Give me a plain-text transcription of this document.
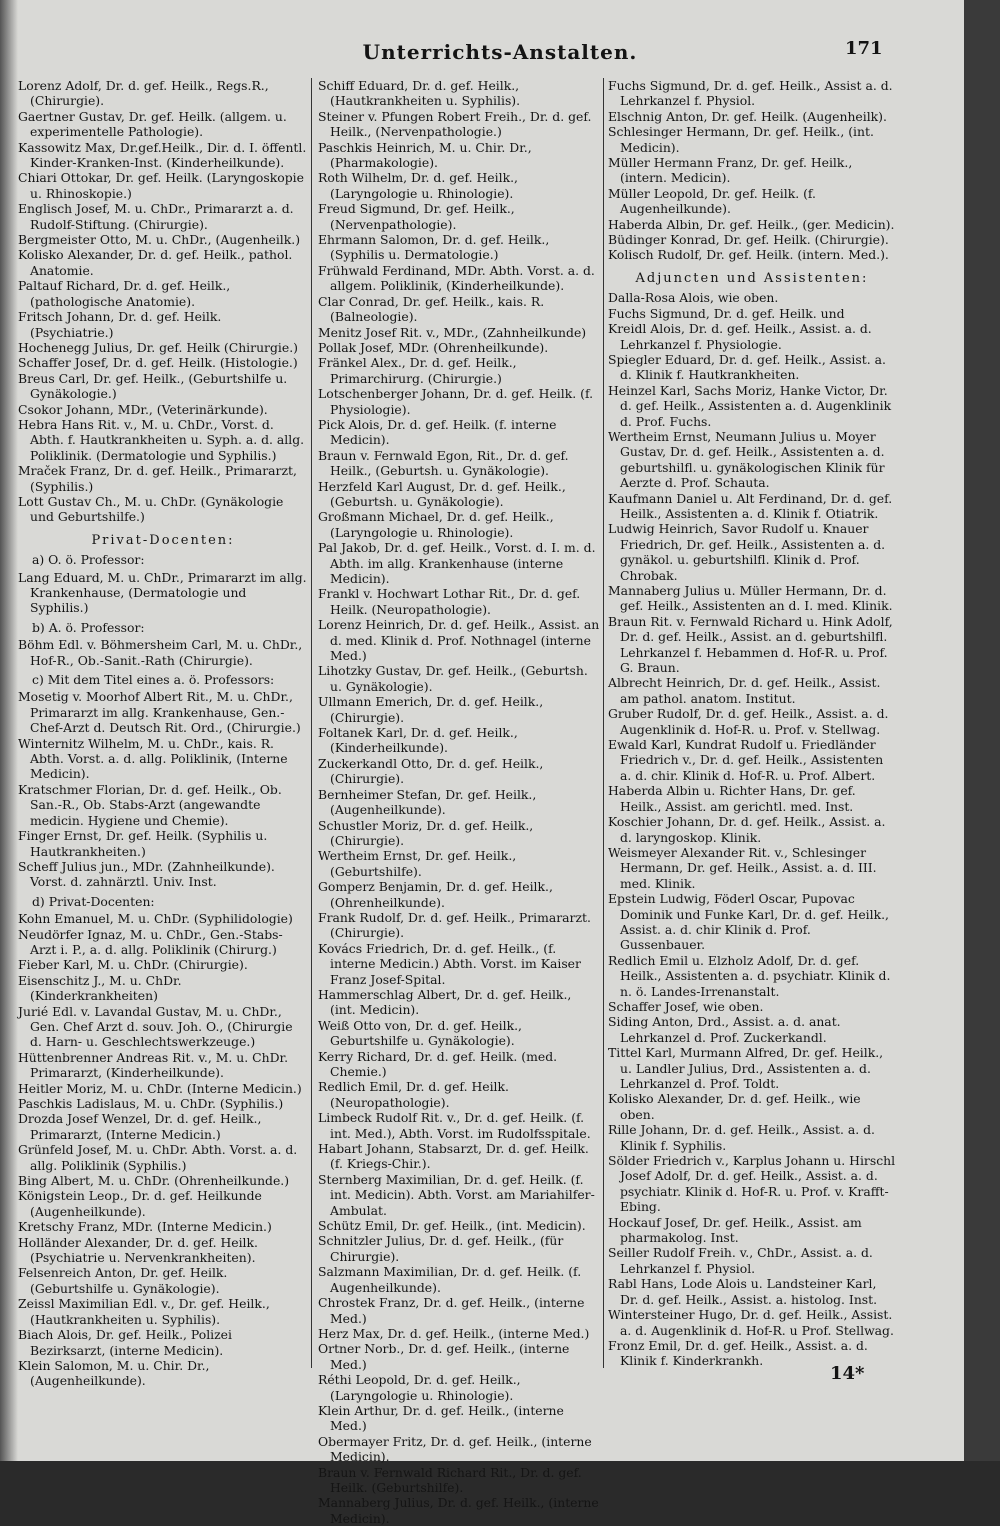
Unterrichts-Anstalten.	171

Lorenz Adolf, Dr. d. gef. Heilk., Regs.R., (Chirurgie).

Gaertner Gustav, Dr. gef. Heilk. (allgem. u. experimentelle Pathologie).

Kassowitz Max, Dr.gef.Heilk., Dir. d. I. öffentl. Kinder-Kranken-Inst. (Kinderheilkunde).

Chiari Ottokar, Dr. gef. Heilk. (Laryngoskopie u. Rhinoskopie.)

Englisch Josef, M. u. ChDr., Primararzt a. d. Rudolf-Stiftung. (Chirurgie).

Bergmeister Otto, M. u. ChDr., (Augenheilk.)

Kolisko Alexander, Dr. d. gef. Heilk., pathol. Anatomie.

Paltauf Richard, Dr. d. gef. Heilk., (pathologische Anatomie).

Fritsch Johann, Dr. d. gef. Heilk. (Psychiatrie.)

Hochenegg Julius, Dr. gef. Heilk (Chirurgie.)

Schaffer Josef, Dr. d. gef. Heilk. (Histologie.)

Breus Carl, Dr. gef. Heilk., (Geburtshilfe u. Gynäkologie.)

Csokor Johann, MDr., (Veterinärkunde).

Hebra Hans Rit. v., M. u. ChDr., Vorst. d. Abth. f. Hautkrankheiten u. Syph. a. d. allg. Poliklinik. (Dermatologie und Syphilis.)

Mraček Franz, Dr. d. gef. Heilk., Primararzt, (Syphilis.)

Lott Gustav Ch., M. u. ChDr. (Gynäkologie und Geburtshilfe.)

Privat-Docenten:

a) O. ö. Professor:

Lang Eduard, M. u. ChDr., Primararzt im allg. Krankenhause, (Dermatologie und Syphilis.)

b) A. ö. Professor:

Böhm Edl. v. Böhmersheim Carl, M. u. ChDr., Hof-R., Ob.-Sanit.-Rath (Chirurgie).

c) Mit dem Titel eines a. ö. Professors:

Mosetig v. Moorhof Albert Rit., M. u. ChDr., Primararzt im allg. Krankenhause, Gen.-Chef-Arzt d. Deutsch Rit. Ord., (Chirurgie.)

Winternitz Wilhelm, M. u. ChDr., kais. R. Abth. Vorst. a. d. allg. Poliklinik, (Interne Medicin).

Kratschmer Florian, Dr. d. gef. Heilk., Ob. San.-R., Ob. Stabs-Arzt (angewandte medicin. Hygiene und Chemie).

Finger Ernst, Dr. gef. Heilk. (Syphilis u. Hautkrankheiten.)

Scheff Julius jun., MDr. (Zahnheilkunde). Vorst. d. zahnärztl. Univ. Inst.

d) Privat-Docenten:

Kohn Emanuel, M. u. ChDr. (Syphilidologie)

Neudörfer Ignaz, M. u. ChDr., Gen.-Stabs-Arzt i. P., a. d. allg. Poliklinik (Chirurg.)

Fieber Karl, M. u. ChDr. (Chirurgie).

Eisenschitz J., M. u. ChDr. (Kinderkrankheiten)

Jurié Edl. v. Lavandal Gustav, M. u. ChDr., Gen. Chef Arzt d. souv. Joh. O., (Chirurgie d. Harn- u. Geschlechtswerkzeuge.)

Hüttenbrenner Andreas Rit. v., M. u. ChDr. Primararzt, (Kinderheilkunde).

Heitler Moriz, M. u. ChDr. (Interne Medicin.)

Paschkis Ladislaus, M. u. ChDr. (Syphilis.)

Drozda Josef Wenzel, Dr. d. gef. Heilk., Primararzt, (Interne Medicin.)

Grünfeld Josef, M. u. ChDr. Abth. Vorst. a. d. allg. Poliklinik (Syphilis.)

Bing Albert, M. u. ChDr. (Ohrenheilkunde.)

Königstein Leop., Dr. d. gef. Heilkunde (Augenheilkunde).

Kretschy Franz, MDr. (Interne Medicin.)

Holländer Alexander, Dr. d. gef. Heilk. (Psychiatrie u. Nervenkrankheiten).

Felsenreich Anton, Dr. gef. Heilk. (Geburtshilfe u. Gynäkologie).

Zeissl Maximilian Edl. v., Dr. gef. Heilk., (Hautkrankheiten u. Syphilis).

Biach Alois, Dr. gef. Heilk., Polizei Bezirksarzt, (interne Medicin).

Klein Salomon, M. u. Chir. Dr., (Augenheilkunde).

Schiff Eduard, Dr. d. gef. Heilk., (Hautkrankheiten u. Syphilis).

Steiner v. Pfungen Robert Freih., Dr. d. gef. Heilk., (Nervenpathologie.)

Paschkis Heinrich, M. u. Chir. Dr., (Pharmakologie).

Roth Wilhelm, Dr. d. gef. Heilk., (Laryngologie u. Rhinologie).

Freud Sigmund, Dr. gef. Heilk., (Nervenpathologie).

Ehrmann Salomon, Dr. d. gef. Heilk., (Syphilis u. Dermatologie.)

Frühwald Ferdinand, MDr. Abth. Vorst. a. d. allgem. Poliklinik, (Kinderheilkunde).

Clar Conrad, Dr. gef. Heilk., kais. R. (Balneologie).

Menitz Josef Rit. v., MDr., (Zahnheilkunde)

Pollak Josef, MDr. (Ohrenheilkunde).

Fränkel Alex., Dr. d. gef. Heilk., Primarchirurg. (Chirurgie.)

Lotschenberger Johann, Dr. d. gef. Heilk. (f. Physiologie).

Pick Alois, Dr. d. gef. Heilk. (f. interne Medicin).

Braun v. Fernwald Egon, Rit., Dr. d. gef. Heilk., (Geburtsh. u. Gynäkologie).

Herzfeld Karl August, Dr. d. gef. Heilk., (Geburtsh. u. Gynäkologie).

Großmann Michael, Dr. d. gef. Heilk., (Laryngologie u. Rhinologie).

Pal Jakob, Dr. d. gef. Heilk., Vorst. d. I. m. d. Abth. im allg. Krankenhause (interne Medicin).

Frankl v. Hochwart Lothar Rit., Dr. d. gef. Heilk. (Neuropathologie).

Lorenz Heinrich, Dr. d. gef. Heilk., Assist. an d. med. Klinik d. Prof. Nothnagel (interne Med.)

Lihotzky Gustav, Dr. gef. Heilk., (Geburtsh. u. Gynäkologie).

Ullmann Emerich, Dr. d. gef. Heilk., (Chirurgie).

Foltanek Karl, Dr. d. gef. Heilk., (Kinderheilkunde).

Zuckerkandl Otto, Dr. d. gef. Heilk., (Chirurgie).

Bernheimer Stefan, Dr. gef. Heilk., (Augenheilkunde).

Schustler Moriz, Dr. d. gef. Heilk., (Chirurgie).

Wertheim Ernst, Dr. gef. Heilk., (Geburtshilfe).

Gomperz Benjamin, Dr. d. gef. Heilk., (Ohrenheilkunde).

Frank Rudolf, Dr. d. gef. Heilk., Primararzt. (Chirurgie).

Kovács Friedrich, Dr. d. gef. Heilk., (f. interne Medicin.) Abth. Vorst. im Kaiser Franz Josef-Spital.

Hammerschlag Albert, Dr. d. gef. Heilk., (int. Medicin).

Weiß Otto von, Dr. d. gef. Heilk., Geburtshilfe u. Gynäkologie).

Kerry Richard, Dr. d. gef. Heilk. (med. Chemie.)

Redlich Emil, Dr. d. gef. Heilk. (Neuropathologie).

Limbeck Rudolf Rit. v., Dr. d. gef. Heilk. (f. int. Med.), Abth. Vorst. im Rudolfsspitale.

Habart Johann, Stabsarzt, Dr. d. gef. Heilk. (f. Kriegs-Chir.).

Sternberg Maximilian, Dr. d. gef. Heilk. (f. int. Medicin). Abth. Vorst. am Mariahilfer-Ambulat.

Schütz Emil, Dr. gef. Heilk., (int. Medicin).

Schnitzler Julius, Dr. d. gef. Heilk., (für Chirurgie).

Salzmann Maximilian, Dr. d. gef. Heilk. (f. Augenheilkunde).

Chrostek Franz, Dr. d. gef. Heilk., (interne Med.)

Herz Max, Dr. d. gef. Heilk., (interne Med.)

Ortner Norb., Dr. d. gef. Heilk., (interne Med.)

Réthi Leopold, Dr. d. gef. Heilk., (Laryngologie u. Rhinologie).

Klein Arthur, Dr. d. gef. Heilk., (interne Med.)

Obermayer Fritz, Dr. d. gef. Heilk., (interne Medicin).

Braun v. Fernwald Richard Rit., Dr. d. gef. Heilk. (Geburtshilfe).

Mannaberg Julius, Dr. d. gef. Heilk., (interne Medicin).

Fuchs Sigmund, Dr. d. gef. Heilk., Assist a. d. Lehrkanzel f. Physiol.

Elschnig Anton, Dr. gef. Heilk. (Augenheilk).

Schlesinger Hermann, Dr. gef. Heilk., (int. Medicin).

Müller Hermann Franz, Dr. gef. Heilk., (intern. Medicin).

Müller Leopold, Dr. gef. Heilk. (f. Augenheilkunde).

Haberda Albin, Dr. gef. Heilk., (ger. Medicin).

Büdinger Konrad, Dr. gef. Heilk. (Chirurgie).

Kolisch Rudolf, Dr. gef. Heilk. (intern. Med.).

Adjuncten und Assistenten:

Dalla-Rosa Alois, wie oben.

Fuchs Sigmund, Dr. d. gef. Heilk. und

Kreidl Alois, Dr. d. gef. Heilk., Assist. a. d. Lehrkanzel f. Physiologie.

Spiegler Eduard, Dr. d. gef. Heilk., Assist. a. d. Klinik f. Hautkrankheiten.

Heinzel Karl, Sachs Moriz, Hanke Victor, Dr. d. gef. Heilk., Assistenten a. d. Augenklinik d. Prof. Fuchs.

Wertheim Ernst, Neumann Julius u. Moyer Gustav, Dr. d. gef. Heilk., Assistenten a. d. geburtshilfl. u. gynäkologischen Klinik für Aerzte d. Prof. Schauta.

Kaufmann Daniel u. Alt Ferdinand, Dr. d. gef. Heilk., Assistenten a. d. Klinik f. Otiatrik.

Ludwig Heinrich, Savor Rudolf u. Knauer Friedrich, Dr. gef. Heilk., Assistenten a. d. gynäkol. u. geburtshilfl. Klinik d. Prof. Chrobak.

Mannaberg Julius u. Müller Hermann, Dr. d. gef. Heilk., Assistenten an d. I. med. Klinik.

Braun Rit. v. Fernwald Richard u. Hink Adolf, Dr. d. gef. Heilk., Assist. an d. geburtshilfl. Lehrkanzel f. Hebammen d. Hof-R. u. Prof. G. Braun.

Albrecht Heinrich, Dr. d. gef. Heilk., Assist. am pathol. anatom. Institut.

Gruber Rudolf, Dr. d. gef. Heilk., Assist. a. d. Augenklinik d. Hof-R. u. Prof. v. Stellwag.

Ewald Karl, Kundrat Rudolf u. Friedländer Friedrich v., Dr. d. gef. Heilk., Assistenten a. d. chir. Klinik d. Hof-R. u. Prof. Albert.

Haberda Albin u. Richter Hans, Dr. gef. Heilk., Assist. am gerichtl. med. Inst.

Koschier Johann, Dr. d. gef. Heilk., Assist. a. d. laryngoskop. Klinik.

Weismeyer Alexander Rit. v., Schlesinger Hermann, Dr. gef. Heilk., Assist. a. d. III. med. Klinik.

Epstein Ludwig, Föderl Oscar, Pupovac Dominik und Funke Karl, Dr. d. gef. Heilk., Assist. a. d. chir Klinik d. Prof. Gussenbauer.

Redlich Emil u. Elzholz Adolf, Dr. d. gef. Heilk., Assistenten a. d. psychiatr. Klinik d. n. ö. Landes-Irrenanstalt.

Schaffer Josef, wie oben.

Siding Anton, Drd., Assist. a. d. anat. Lehrkanzel d. Prof. Zuckerkandl.

Tittel Karl, Murmann Alfred, Dr. gef. Heilk., u. Landler Julius, Drd., Assistenten a. d. Lehrkanzel d. Prof. Toldt.

Kolisko Alexander, Dr. d. gef. Heilk., wie oben.

Rille Johann, Dr. d. gef. Heilk., Assist. a. d. Klinik f. Syphilis.

Sölder Friedrich v., Karplus Johann u. Hirschl Josef Adolf, Dr. d. gef. Heilk., Assist. a. d. psychiatr. Klinik d. Hof-R. u. Prof. v. Krafft-Ebing.

Hockauf Josef, Dr. gef. Heilk., Assist. am pharmakolog. Inst.

Seiller Rudolf Freih. v., ChDr., Assist. a. d. Lehrkanzel f. Physiol.

Rabl Hans, Lode Alois u. Landsteiner Karl, Dr. d. gef. Heilk., Assist. a. histolog. Inst.

Wintersteiner Hugo, Dr. d. gef. Heilk., Assist. a. d. Augenklinik d. Hof-R. u Prof. Stellwag.

Fronz Emil, Dr. d. gef. Heilk., Assist. a. d. Klinik f. Kinderkrankh.

14*
